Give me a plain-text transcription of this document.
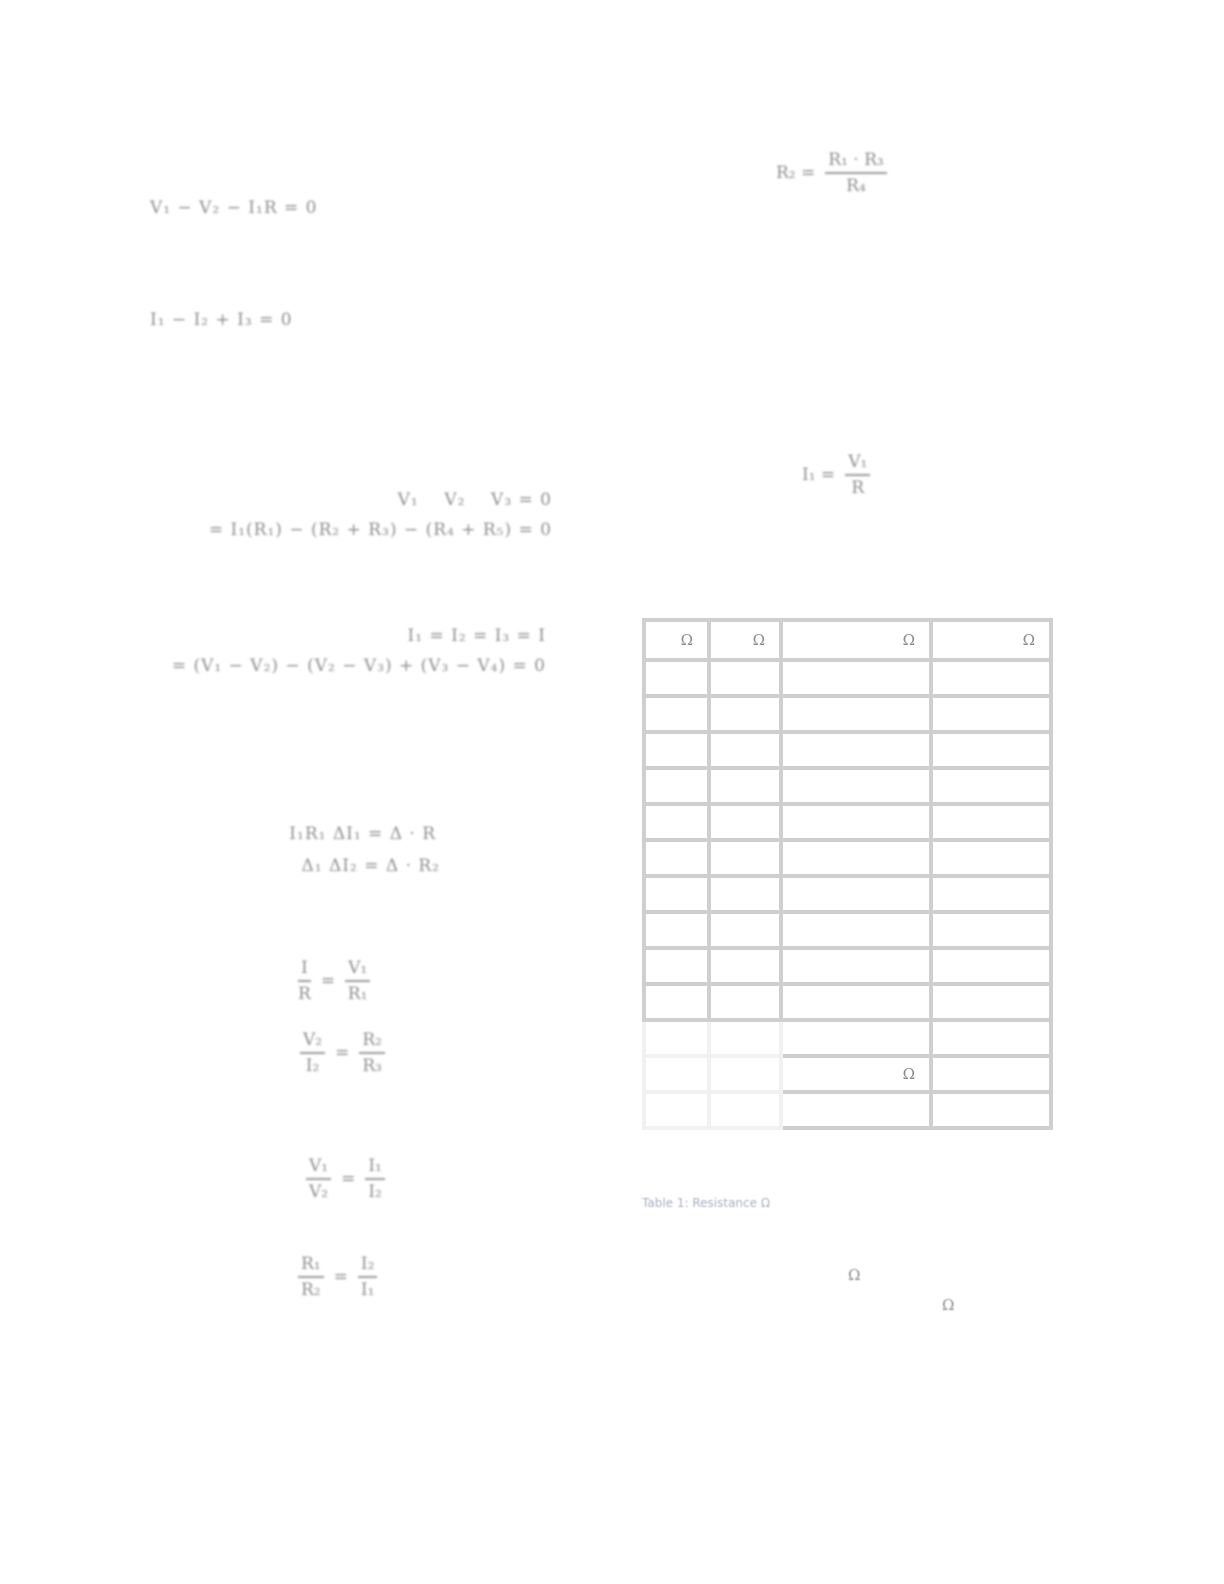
V₁ − V₂ − I₁R = 0
I₁ − I₂ + I₃ = 0
V₁    V₂    V₃ = 0
= I₁(R₁) − (R₂ + R₃) − (R₄ + R₅) = 0
I₁ = I₂ = I₃ = I
= (V₁ − V₂) − (V₂ − V₃) + (V₃ − V₄) = 0
I₁R₁ ΔI₁ = Δ · R
Δ₁ ΔI₂ = Δ · R₂
$\frac{I}{R} = \frac{\text{V₁}}{\text{R₁}}$
$\frac{\text{V₂}}{\text{I₂}} = \frac{\text{R₂}}{\text{R₃}}$
$\frac{\text{V₁}}{\text{V₂}} = \frac{\text{I₁}}{\text{I₂}}$
$\frac{\text{R₁}}{\text{R₂}} = \frac{\text{I₂}}{\text{I₁}}$
$R_2 = \frac{\text{R₁ · R₃}}{\text{R₄}}$
$I_1 = \frac{\text{V₁}}{R}$
Ω	Ω	Ω	Ω

		Ω	

Table 1: Resistance Ω
Ω
Ω
